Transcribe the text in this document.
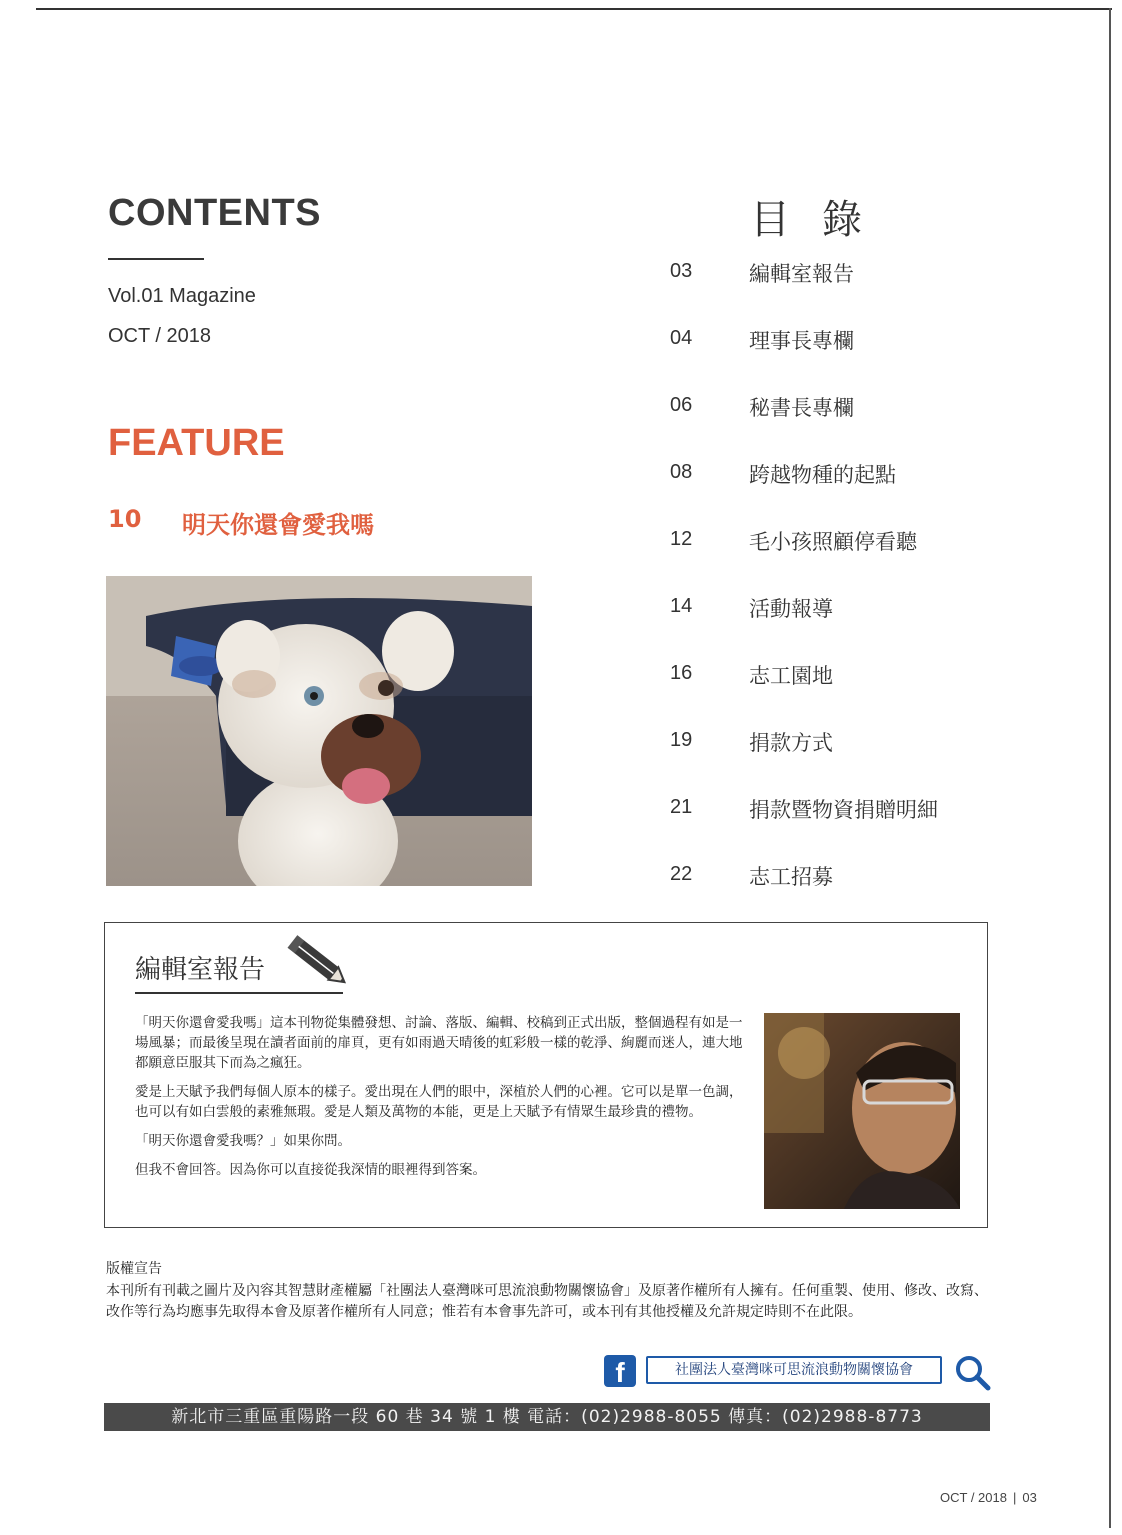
CONTENTS
Vol.01 Magazine
OCT / 2018
FEATURE
10 明天你還會愛我嗎
目錄
03	編輯室報告
04	理事長專欄
06	秘書長專欄
08	跨越物種的起點
12	毛小孩照顧停看聽
14	活動報導
16	志工園地
19	捐款方式
21	捐款暨物資捐贈明細
22	志工招募
編輯室報告

「明天你還會愛我嗎」這本刊物從集體發想、討論、落版、編輯、校稿到正式出版，整個過程有如是一場風暴；而最後呈現在讀者面前的扉頁，更有如雨過天晴後的虹彩般一樣的乾淨、絢麗而迷人，連大地都願意臣服其下而為之瘋狂。

愛是上天賦予我們每個人原本的樣子。愛出現在人們的眼中，深植於人們的心裡。它可以是單一色調，也可以有如白雲般的素雅無瑕。愛是人類及萬物的本能，更是上天賦予有情眾生最珍貴的禮物。

「明天你還會愛我嗎？」如果你問。

但我不會回答。因為你可以直接從我深情的眼裡得到答案。

版權宣告
本刊所有刊載之圖片及內容其智慧財產權屬「社團法人臺灣咪可思流浪動物關懷協會」及原著作權所有人擁有。任何重製、使用、修改、改寫、改作等行為均應事先取得本會及原著作權所有人同意；惟若有本會事先許可，或本刊有其他授權及允許規定時則不在此限。
f	社團法人臺灣咪可思流浪動物關懷協會
新北市三重區重陽路一段 60 巷 34 號 1 樓 電話：(02)2988-8055 傳真：(02)2988-8773
OCT / 2018 | 03
